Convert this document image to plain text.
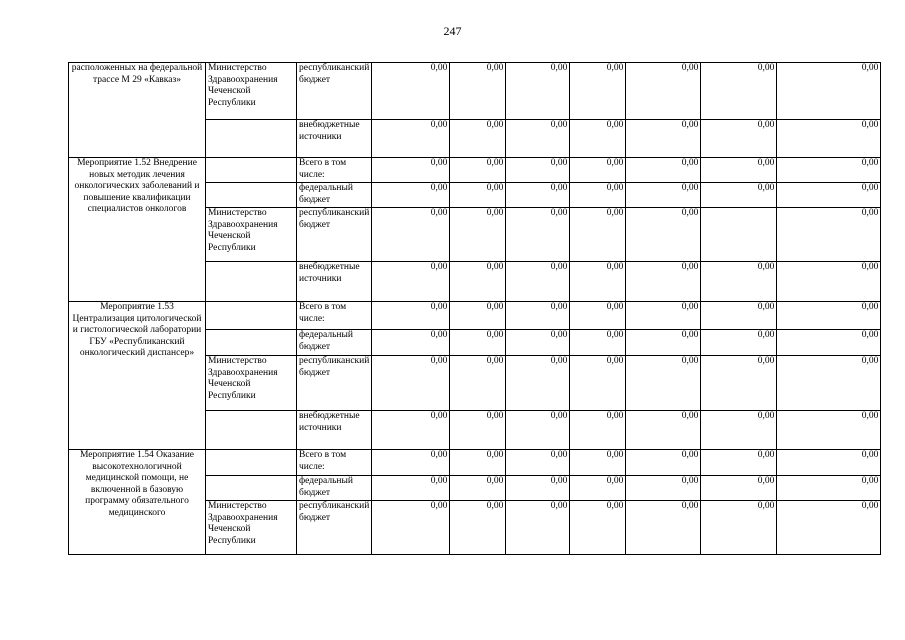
247
расположенных на федеральной трассе М 29 «Кавказ»	Министерство Здравоохранения Чеченской Республики	республиканский бюджет	0,00	0,00	0,00	0,00	0,00	0,00	0,00
		внебюджетные источники	0,00	0,00	0,00	0,00	0,00	0,00	0,00
Мероприятие 1.52 Внедрение новых методик лечения онкологических заболеваний и повышение квалификации специалистов онкологов		Всего в том числе:	0,00	0,00	0,00	0,00	0,00	0,00	0,00
		федеральный бюджет	0,00	0,00	0,00	0,00	0,00	0,00	0,00
	Министерство Здравоохранения Чеченской Республики	республиканский бюджет	0,00	0,00	0,00	0,00	0,00		0,00
		внебюджетные источники	0,00	0,00	0,00	0,00	0,00	0,00	0,00
Мероприятие 1.53 Централизация цитологической и гистологической лаборатории ГБУ «Республиканский онкологический диспансер»		Всего в том числе:	0,00	0,00	0,00	0,00	0,00	0,00	0,00
		федеральный бюджет	0,00	0,00	0,00	0,00	0,00	0,00	0,00
	Министерство Здравоохранения Чеченской Республики	республиканский бюджет	0,00	0,00	0,00	0,00	0,00	0,00	0,00
		внебюджетные источники	0,00	0,00	0,00	0,00	0,00	0,00	0,00
Мероприятие 1.54 Оказание высокотехнологичной медицинской помощи, не включенной в базовую программу обязательного медицинского		Всего в том числе:	0,00	0,00	0,00	0,00	0,00	0,00	0,00
		федеральный бюджет	0,00	0,00	0,00	0,00	0,00	0,00	0,00
	Министерство Здравоохранения Чеченской Республики	республиканский бюджет	0,00	0,00	0,00	0,00	0,00	0,00	0,00
